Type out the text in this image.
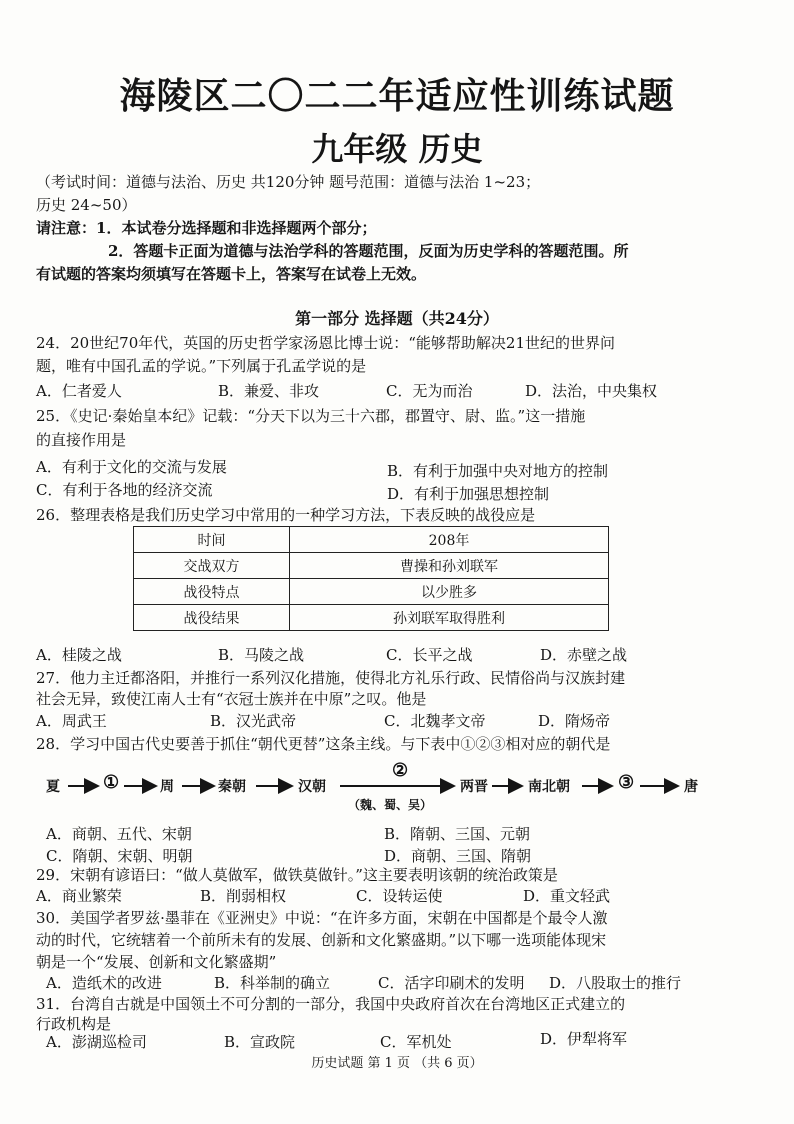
海陵区二〇二二年适应性训练试题
九年级 历史
（考试时间：道德与法治、历史 共120分钟 题号范围：道德与法治 1~23；
历史 24~50）
请注意：1．本试卷分选择题和非选择题两个部分；
2．答题卡正面为道德与法治学科的答题范围，反面为历史学科的答题范围。所
有试题的答案均须填写在答题卡上，答案写在试卷上无效。
第一部分 选择题（共24分）
24．20世纪70年代，英国的历史哲学家汤恩比博士说：“能够帮助解决21世纪的世界问
题，唯有中国孔孟的学说。”下列属于孔孟学说的是
A．仁者爱人	B．兼爱、非攻	C．无为而治	D．法治，中央集权
25．《史记·秦始皇本纪》记载：“分天下以为三十六郡，郡置守、尉、监。”这一措施
的直接作用是
A．有利于文化的交流与发展	B．有利于加强中央对地方的控制
C．有利于各地的经济交流	D．有利于加强思想控制
26．整理表格是我们历史学习中常用的一种学习方法，下表反映的战役应是
时间	208年
交战双方	曹操和孙刘联军
战役特点	以少胜多
战役结果	孙刘联军取得胜利
A．桂陵之战	B．马陵之战	C．长平之战	D．赤壁之战
27．他力主迁都洛阳，并推行一系列汉化措施，使得北方礼乐行政、民情俗尚与汉族封建
社会无异，致使江南人士有“衣冠士族并在中原”之叹。他是
A．周武王	B．汉光武帝	C．北魏孝文帝	D．隋炀帝
28．学习中国古代史要善于抓住“朝代更替”这条主线。与下表中①②③相对应的朝代是
夏 ①	周	秦朝	汉朝
②
（魏、蜀、吴）
两晋	南北朝	③	唐
A．商朝、五代、宋朝	B．隋朝、三国、元朝
C．隋朝、宋朝、明朝	D．商朝、三国、隋朝
29．宋朝有谚语曰：“做人莫做军，做铁莫做针。”这主要表明该朝的统治政策是
A．商业繁荣	B．削弱相权	C．设转运使	D．重文轻武
30．美国学者罗兹·墨菲在《亚洲史》中说：“在许多方面，宋朝在中国都是个最令人激
动的时代，它统辖着一个前所未有的发展、创新和文化繁盛期。”以下哪一选项能体现宋
朝是一个“发展、创新和文化繁盛期”
A．造纸术的改进	B．科举制的确立	C．活字印刷术的发明 D．八股取士的推行
31．台湾自古就是中国领土不可分割的一部分，我国中央政府首次在台湾地区正式建立的
行政机构是
A．澎湖巡检司	B．宣政院	C．军机处	D．伊犁将军
历史试题 第 1 页 （共 6 页）
